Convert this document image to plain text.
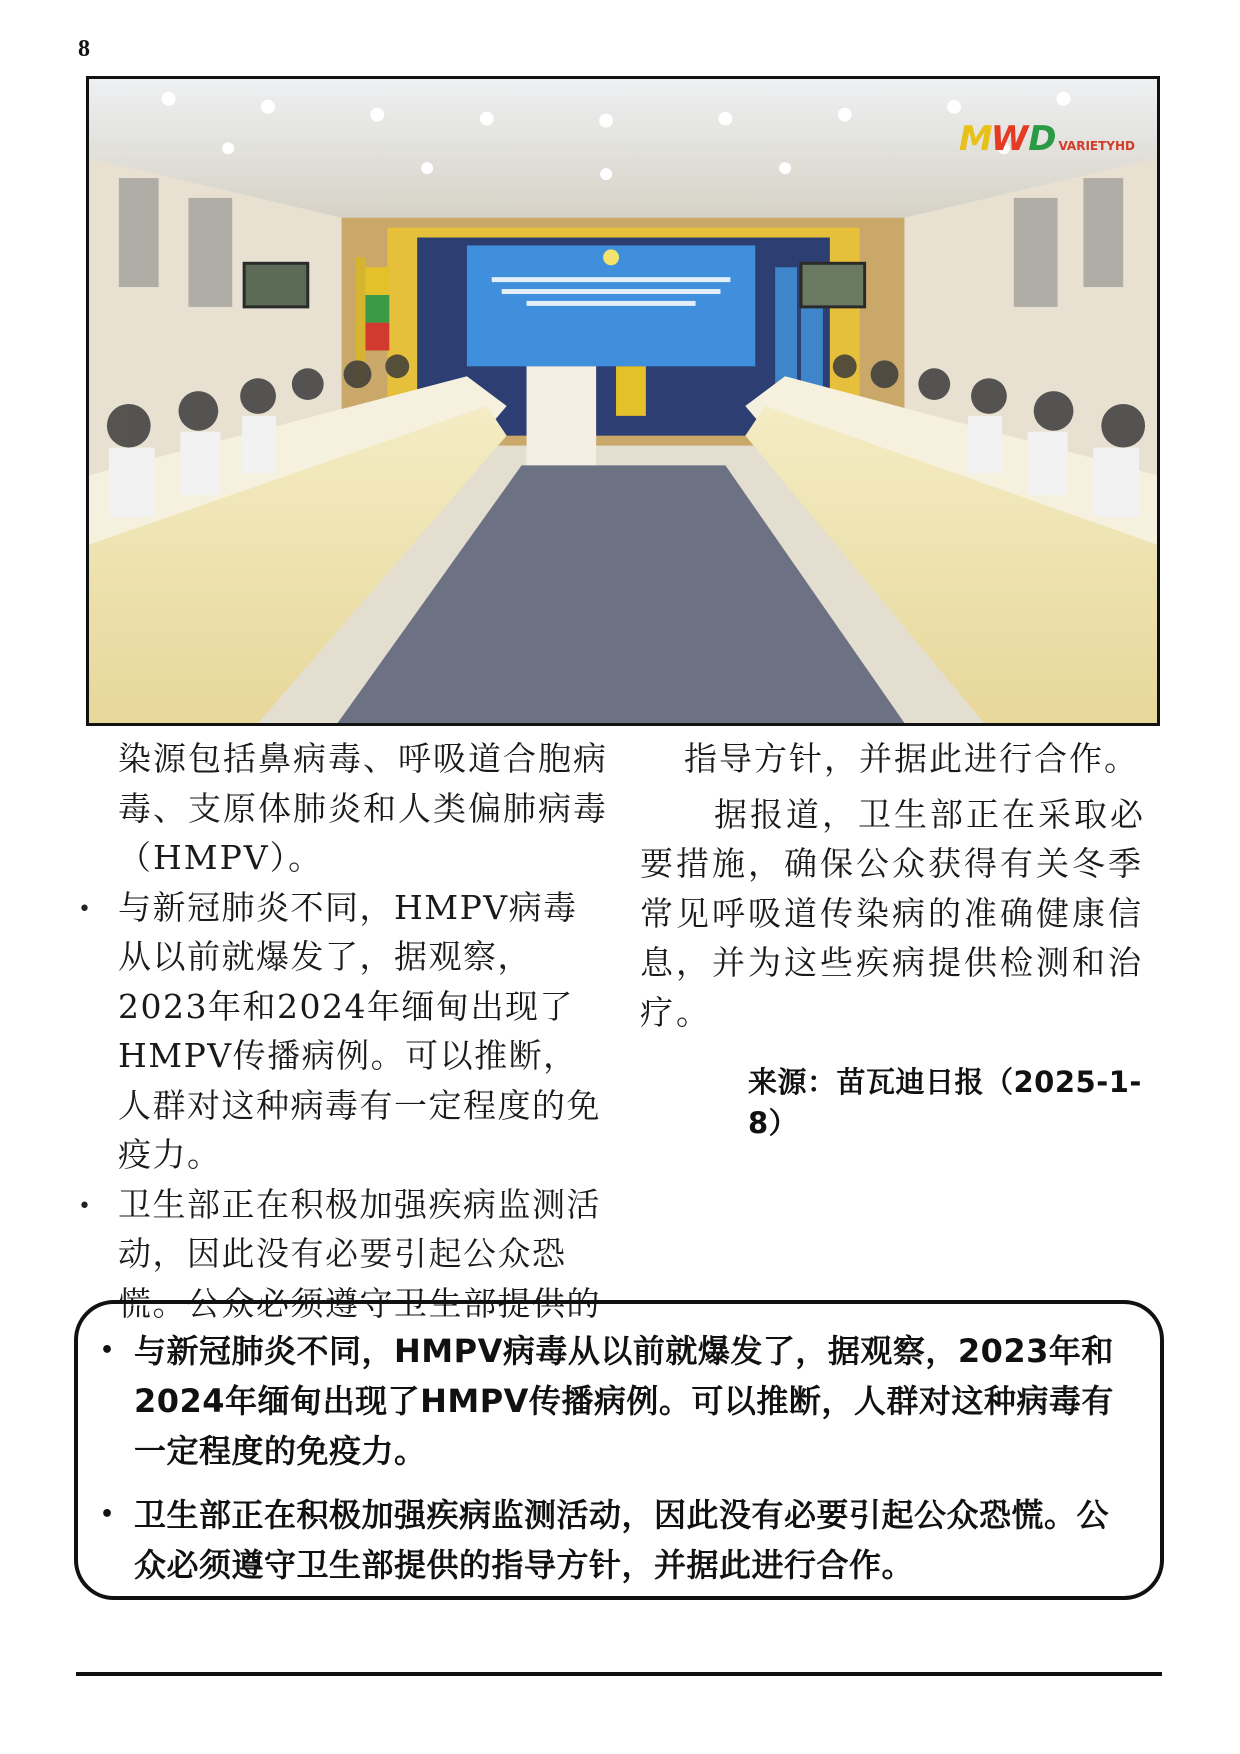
8
M W D VARIETYHD

染源包括鼻病毒、呼吸道合胞病毒、支原体肺炎和人类偏肺病毒（HMPV）。

• 与新冠肺炎不同，HMPV病毒从以前就爆发了，据观察，2023年和2024年缅甸出现了HMPV传播病例。可以推断，人群对这种病毒有一定程度的免疫力。
• 卫生部正在积极加强疾病监测活动，因此没有必要引起公众恐慌。公众必须遵守卫生部提供的

指导方针，并据此进行合作。

据报道，卫生部正在采取必要措施，确保公众获得有关冬季常见呼吸道传染病的准确健康信息，并为这些疾病提供检测和治疗。

来源：苗瓦迪日报（2025-1-8）
• 与新冠肺炎不同，HMPV病毒从以前就爆发了，据观察，2023年和2024年缅甸出现了HMPV传播病例。可以推断，人群对这种病毒有一定程度的免疫力。
• 卫生部正在积极加强疾病监测活动，因此没有必要引起公众恐慌。公众必须遵守卫生部提供的指导方针，并据此进行合作。
